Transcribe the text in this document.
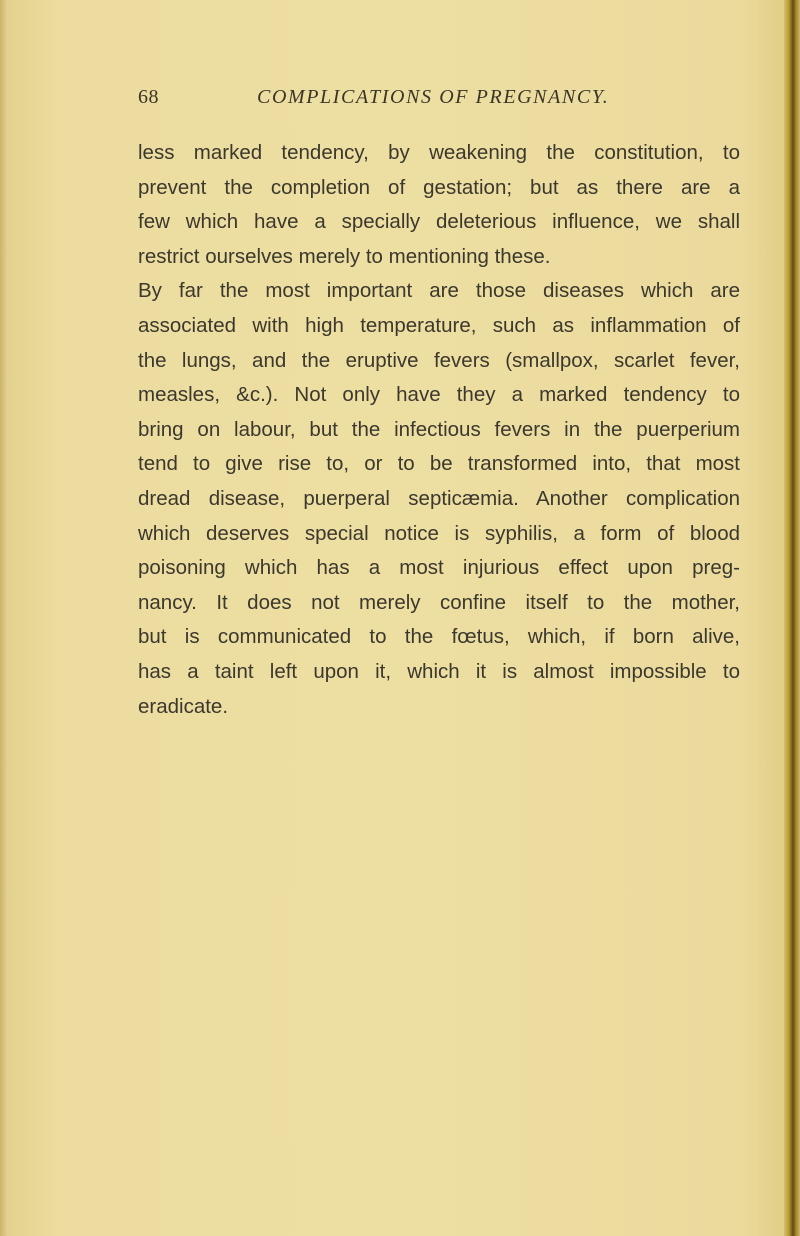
68	COMPLICATIONS OF PREGNANCY.
less marked tendency, by weakening the constitution, to
prevent the completion of gestation; but as there are a
few which have a specially deleterious influence, we shall
restrict ourselves merely to mentioning these.
By far the most important are those diseases which are
associated with high temperature, such as inflammation of
the lungs, and the eruptive fevers (smallpox, scarlet fever,
measles, &c.). Not only have they a marked tendency to
bring on labour, but the infectious fevers in the puerperium
tend to give rise to, or to be transformed into, that most
dread disease, puerperal septicæmia. Another complication
which deserves special notice is syphilis, a form of blood
poisoning which has a most injurious effect upon preg-
nancy. It does not merely confine itself to the mother,
but is communicated to the fœtus, which, if born alive,
has a taint left upon it, which it is almost impossible to
eradicate.
